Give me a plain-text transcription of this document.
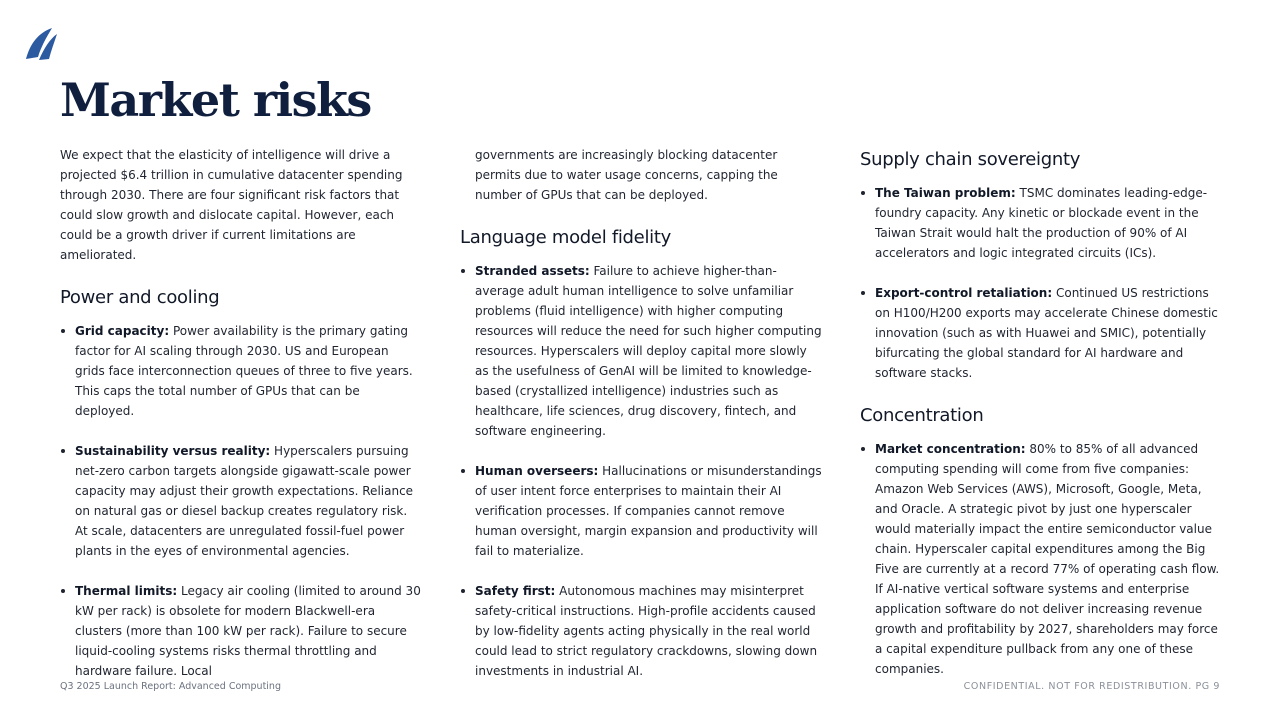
Market risks

We expect that the elasticity of intelligence will drive a projected $6.4 trillion in cumulative datacenter spending through 2030. There are four significant risk factors that could slow growth and dislocate capital. However, each could be a growth driver if current limitations are ameliorated.

Power and cooling
Grid capacity: Power availability is the primary gating factor for AI scaling through 2030. US and European grids face interconnection queues of three to five years. This caps the total number of GPUs that can be deployed.
Sustainability versus reality: Hyperscalers pursuing net-zero carbon targets alongside gigawatt-scale power capacity may adjust their growth expectations. Reliance on natural gas or diesel backup creates regulatory risk. At scale, datacenters are unregulated fossil-fuel power plants in the eyes of environmental agencies.
Thermal limits: Legacy air cooling (limited to around 30 kW per rack) is obsolete for modern Blackwell-era clusters (more than 100 kW per rack). Failure to secure liquid-cooling systems risks thermal throttling and hardware failure. Local

governments are increasingly blocking datacenter permits due to water usage concerns, capping the number of GPUs that can be deployed.

Language model fidelity
Stranded assets: Failure to achieve higher-than-average adult human intelligence to solve unfamiliar problems (fluid intelligence) with higher computing resources will reduce the need for such higher computing resources. Hyperscalers will deploy capital more slowly as the usefulness of GenAI will be limited to knowledge-based (crystallized intelligence) industries such as healthcare, life sciences, drug discovery, fintech, and software engineering.
Human overseers: Hallucinations or misunderstandings of user intent force enterprises to maintain their AI verification processes. If companies cannot remove human oversight, margin expansion and productivity will fail to materialize.
Safety first: Autonomous machines may misinterpret safety-critical instructions. High-profile accidents caused by low-fidelity agents acting physically in the real world could lead to strict regulatory crackdowns, slowing down investments in industrial AI.
Supply chain sovereignty
The Taiwan problem: TSMC dominates leading-edge-foundry capacity. Any kinetic or blockade event in the Taiwan Strait would halt the production of 90% of AI accelerators and logic integrated circuits (ICs).
Export-control retaliation: Continued US restrictions on H100/H200 exports may accelerate Chinese domestic innovation (such as with Huawei and SMIC), potentially bifurcating the global standard for AI hardware and software stacks.
Concentration
Market concentration: 80% to 85% of all advanced computing spending will come from five companies: Amazon Web Services (AWS), Microsoft, Google, Meta, and Oracle. A strategic pivot by just one hyperscaler would materially impact the entire semiconductor value chain. Hyperscaler capital expenditures among the Big Five are currently at a record 77% of operating cash flow. If AI-native vertical software systems and enterprise application software do not deliver increasing revenue growth and profitability by 2027, shareholders may force a capital expenditure pullback from any one of these companies.
Q3 2025 Launch Report: Advanced Computing	CONFIDENTIAL. NOT FOR REDISTRIBUTION. PG 9
